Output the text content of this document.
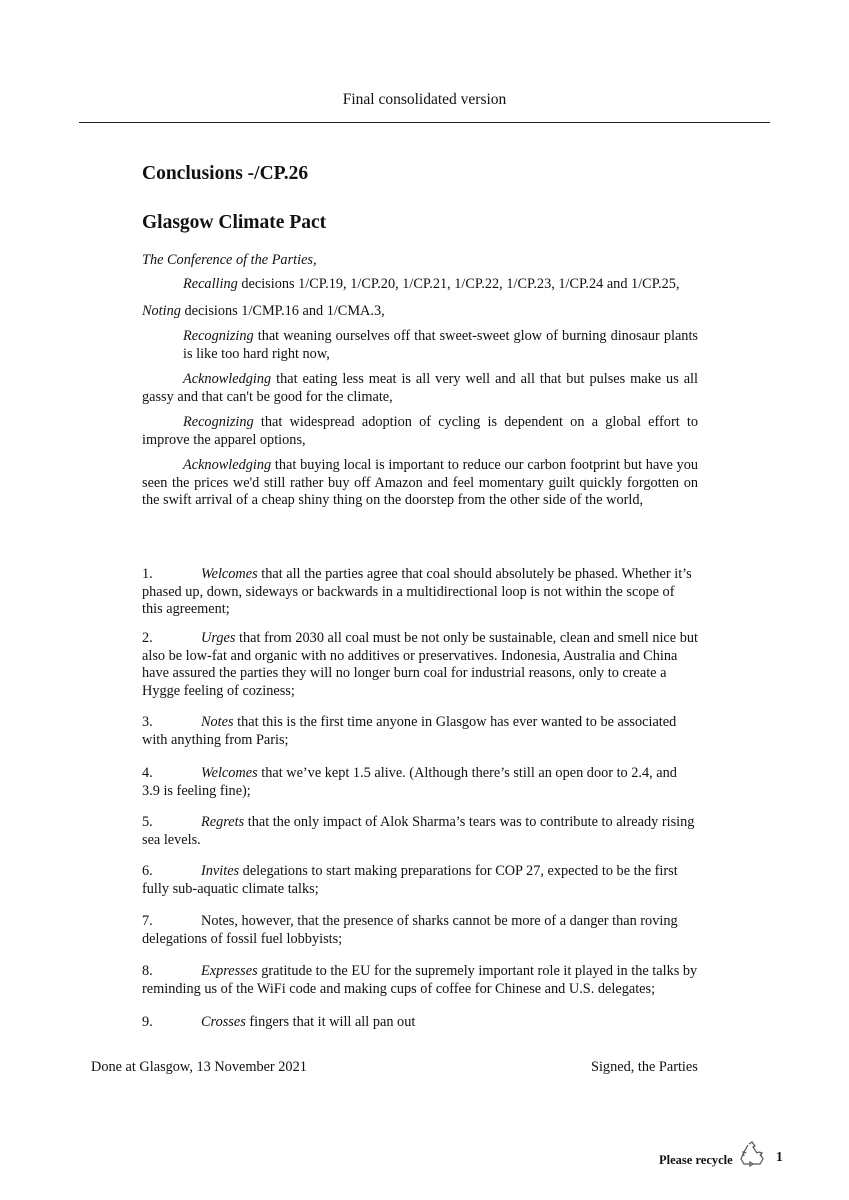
Final consolidated version
Conclusions -/CP.26
Glasgow Climate Pact
The Conference of the Parties,
Recalling decisions 1/CP.19, 1/CP.20, 1/CP.21, 1/CP.22, 1/CP.23, 1/CP.24 and 1/CP.25,
Noting decisions 1/CMP.16 and 1/CMA.3,
Recognizing that weaning ourselves off that sweet-sweet glow of burning dinosaur plants is like too hard right now,
Acknowledging that eating less meat is all very well and all that but pulses make us all gassy and that can't be good for the climate,
Recognizing that widespread adoption of cycling is dependent on a global effort to improve the apparel options,
Acknowledging that buying local is important to reduce our carbon footprint but have you seen the prices we'd still rather buy off Amazon and feel momentary guilt quickly forgotten on the swift arrival of a cheap shiny thing on the doorstep from the other side of the world,
1.	Welcomes that all the parties agree that coal should absolutely be phased. Whether it’s phased up, down, sideways or backwards in a multidirectional loop is not within the scope of this agreement;
2.	Urges that from 2030 all coal must be not only be sustainable, clean and smell nice but also be low-fat and organic with no additives or preservatives. Indonesia, Australia and China have assured the parties they will no longer burn coal for industrial reasons, only to create a Hygge feeling of coziness;
3.	Notes that this is the first time anyone in Glasgow has ever wanted to be associated with anything from Paris;
4.	Welcomes that we’ve kept 1.5 alive. (Although there’s still an open door to 2.4, and 3.9 is feeling fine);
5.	Regrets that the only impact of Alok Sharma’s tears was to contribute to already rising sea levels.
6.	Invites delegations to start making preparations for COP 27, expected to be the first fully sub-aquatic climate talks;
7.	Notes, however, that the presence of sharks cannot be more of a danger than roving delegations of fossil fuel lobbyists;
8.	Expresses gratitude to the EU for the supremely important role it played in the talks by reminding us of the WiFi code and making cups of coffee for Chinese and U.S. delegates;
9.	Crosses fingers that it will all pan out
Done at Glasgow, 13 November 2021	Signed, the Parties
Please recycle	1
